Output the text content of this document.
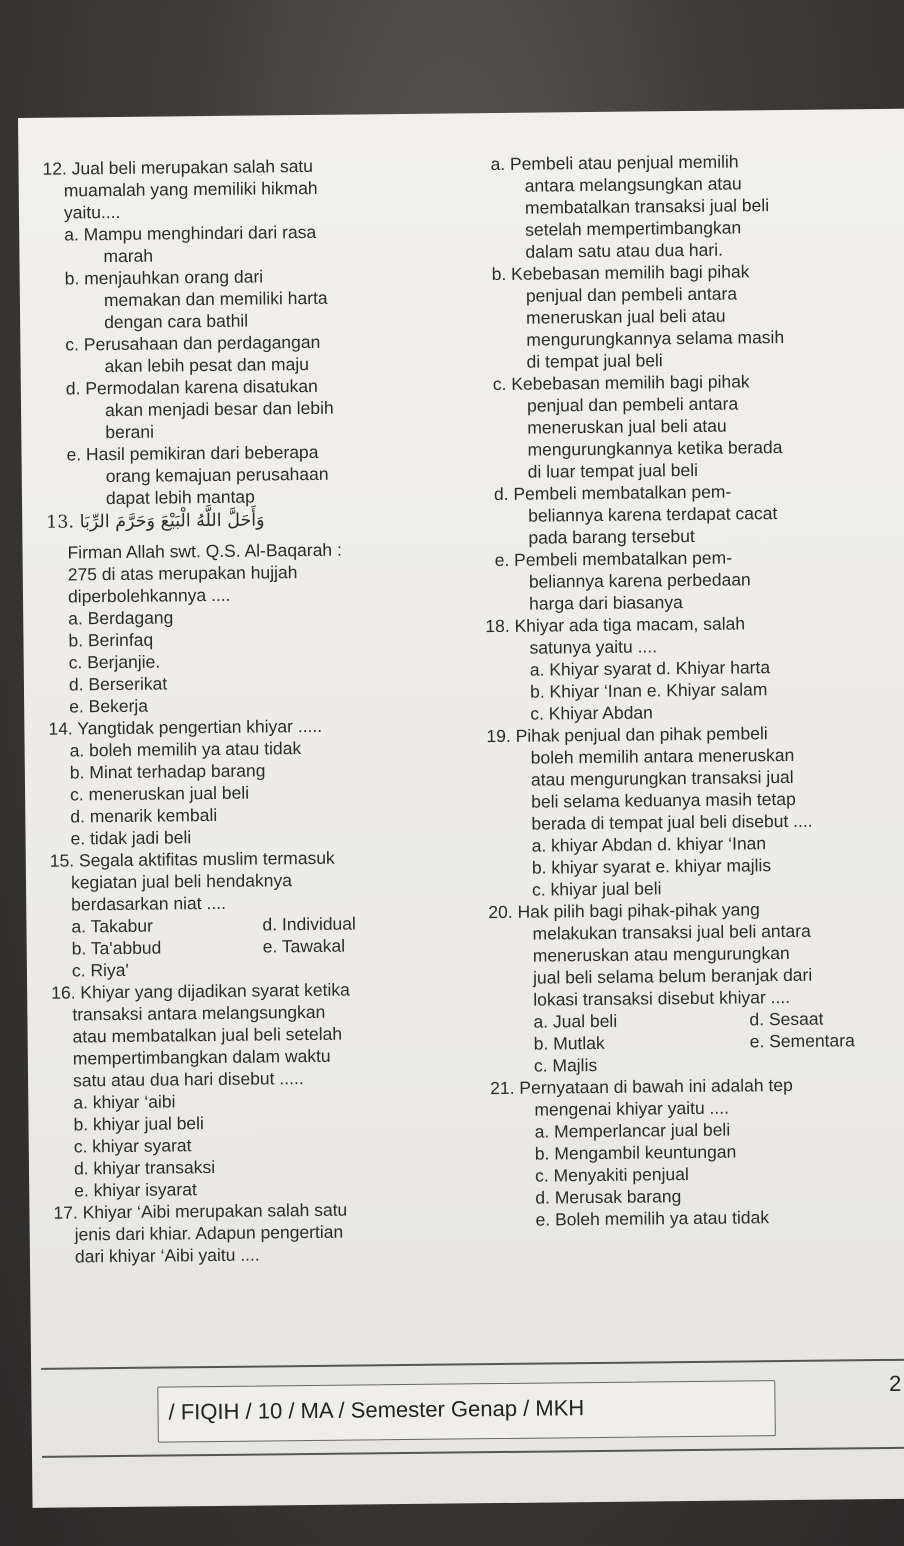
12. Jual beli merupakan salah satu
muamalah yang memiliki hikmah
yaitu....
a. Mampu menghindari dari rasa
marah
b. menjauhkan orang dari
memakan dan memiliki harta
dengan cara bathil
c. Perusahaan dan perdagangan
akan lebih pesat dan maju
d. Permodalan karena disatukan
akan menjadi besar dan lebih
berani
e. Hasil pemikiran dari beberapa
orang kemajuan perusahaan
dapat lebih mantap
13. وَأَحَلَّ اللَّهُ الْبَيْعَ وَحَرَّمَ الرِّبَا
Firman Allah swt. Q.S. Al-Baqarah :
275 di atas merupakan hujjah
diperbolehkannya ....
a. Berdagang
b. Berinfaq
c. Berjanjie.
d. Berserikat
e. Bekerja
14. Yangtidak pengertian khiyar .....
a. boleh memilih ya atau tidak
b. Minat terhadap barang
c. meneruskan jual beli
d. menarik kembali
e. tidak jadi beli
15. Segala aktifitas muslim termasuk
kegiatan jual beli hendaknya
berdasarkan niat ....
a. Takabur	d. Individual
b. Ta'abbud	e. Tawakal
c. Riya'
16. Khiyar yang dijadikan syarat ketika
transaksi antara melangsungkan
atau membatalkan jual beli setelah
mempertimbangkan dalam waktu
satu atau dua hari disebut .....
a. khiyar ‘aibi
b. khiyar jual beli
c. khiyar syarat
d. khiyar transaksi
e. khiyar isyarat
17. Khiyar ‘Aibi merupakan salah satu
jenis dari khiar. Adapun pengertian
dari khiyar ‘Aibi yaitu ....
a. Pembeli atau penjual memilih
antara melangsungkan atau
membatalkan transaksi jual beli
setelah mempertimbangkan
dalam satu atau dua hari.
b. Kebebasan memilih bagi pihak
penjual dan pembeli antara
meneruskan jual beli atau
mengurungkannya selama masih
di tempat jual beli
c. Kebebasan memilih bagi pihak
penjual dan pembeli antara
meneruskan jual beli atau
mengurungkannya ketika berada
di luar tempat jual beli
d. Pembeli membatalkan pem-
beliannya karena terdapat cacat
pada barang tersebut
e. Pembeli membatalkan pem-
beliannya karena perbedaan
harga dari biasanya
18. Khiyar ada tiga macam, salah
satunya yaitu ....
a. Khiyar syarat d. Khiyar harta
b. Khiyar ‘Inan e. Khiyar salam
c. Khiyar Abdan
19. Pihak penjual dan pihak pembeli
boleh memilih antara meneruskan
atau mengurungkan transaksi jual
beli selama keduanya masih tetap
berada di tempat jual beli disebut ....
a. khiyar Abdan d. khiyar ‘Inan
b. khiyar syarat e. khiyar majlis
c. khiyar jual beli
20. Hak pilih bagi pihak-pihak yang
melakukan transaksi jual beli antara
meneruskan atau mengurungkan
jual beli selama belum beranjak dari
lokasi transaksi disebut khiyar ....
a. Jual beli	d. Sesaat
b. Mutlak	e. Sementara
c. Majlis
21. Pernyataan di bawah ini adalah tep
mengenai khiyar yaitu ....
a. Memperlancar jual beli
b. Mengambil keuntungan
c. Menyakiti penjual
d. Merusak barang
e. Boleh memilih ya atau tidak
/ FIQIH / 10 / MA / Semester Genap / MKH
2
